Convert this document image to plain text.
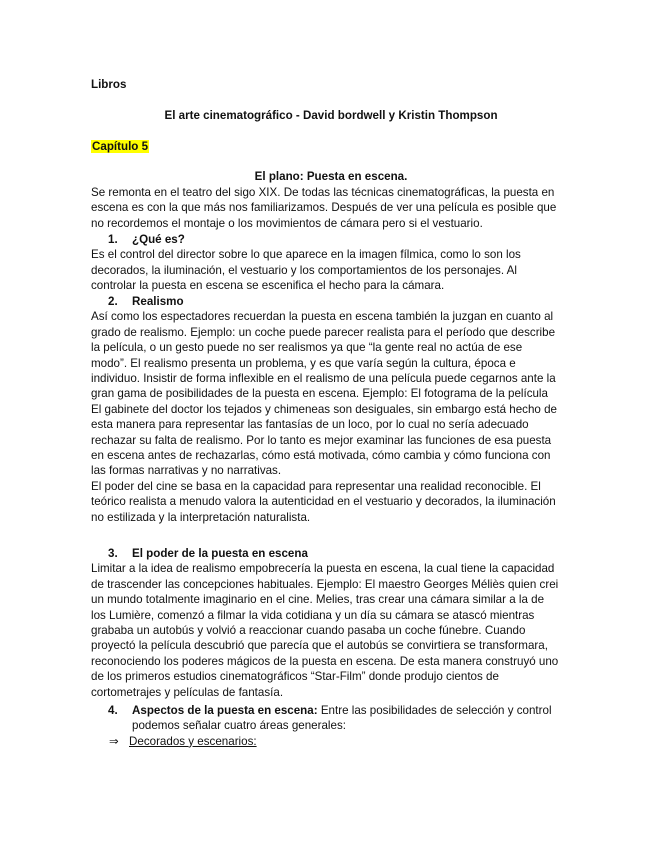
Libros
El arte cinematográfico - David bordwell y Kristin Thompson
Capítulo 5
El plano: Puesta en escena.

Se remonta en el teatro del sigo XIX. De todas las técnicas cinematográficas, la puesta en escena es con la que más nos familiarizamos. Después de ver una película es posible que no recordemos el montaje o los movimientos de cámara pero si el vestuario.

1.	¿Qué es?

Es el control del director sobre lo que aparece en la imagen fílmica, como lo son los decorados, la iluminación, el vestuario y los comportamientos de los personajes. Al controlar la puesta en escena se escenifica el hecho para la cámara.

2.	Realismo

Así como los espectadores recuerdan la puesta en escena también la juzgan en cuanto al grado de realismo. Ejemplo: un coche puede parecer realista para el período que describe la película, o un gesto puede no ser realismos ya que “la gente real no actúa de ese modo”. El realismo presenta un problema, y es que varía según la cultura, época e individuo. Insistir de forma inflexible en el realismo de una película puede cegarnos ante la gran gama de posibilidades de la puesta en escena. Ejemplo: El fotograma de la película El gabinete del doctor los tejados y chimeneas son desiguales, sin embargo está hecho de esta manera para representar las fantasías de un loco, por lo cual no sería adecuado rechazar su falta de realismo. Por lo tanto es mejor examinar las funciones de esa puesta en escena antes de rechazarlas, cómo está motivada, cómo cambia y cómo funciona con las formas narrativas y no narrativas.

El poder del cine se basa en la capacidad para representar una realidad reconocible. El teórico realista a menudo valora la autenticidad en el vestuario y decorados, la iluminación no estilizada y la interpretación naturalista.

3.	El poder de la puesta en escena

Limitar a la idea de realismo empobrecería la puesta en escena, la cual tiene la capacidad de trascender las concepciones habituales. Ejemplo: El maestro Georges Méliès quien crei un mundo totalmente imaginario en el cine. Melies, tras crear una cámara similar a la de los Lumière, comenzó a filmar la vida cotidiana y un día su cámara se atascó mientras grababa un autobús y volvió a reaccionar cuando pasaba un coche fúnebre. Cuando proyectó la película descubrió que parecía que el autobús se convirtiera se transformara, reconociendo los poderes mágicos de la puesta en escena. De esta manera construyó uno de los primeros estudios cinematográficos “Star-Film” donde produjo cientos de cortometrajes y películas de fantasía.

4.	Aspectos de la puesta en escena: Entre las posibilidades de selección y control podemos señalar cuatro áreas generales:
⇒ Decorados y escenarios:
